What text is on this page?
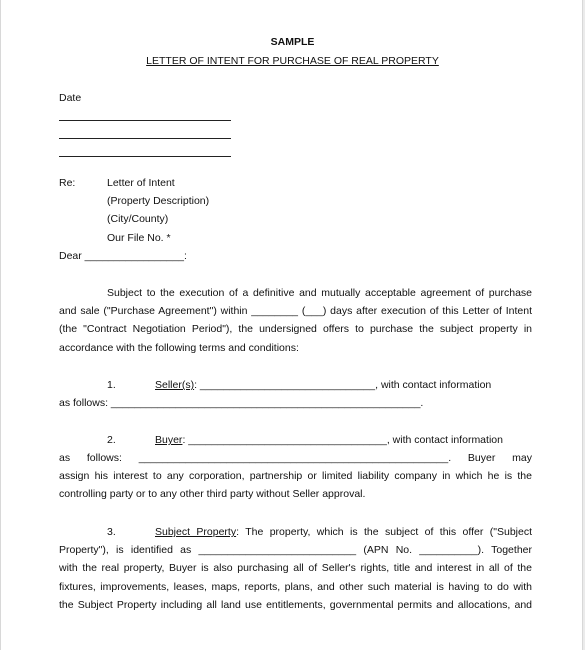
SAMPLE
LETTER OF INTENT FOR PURCHASE OF REAL PROPERTY
Date
Re:	Letter of Intent
(Property Description)
(City/County)
Our File No. *
Dear _________________:
Subject to the execution of a definitive and mutually acceptable agreement of purchase
and sale ("Purchase Agreement") within ________ (___) days after execution of this Letter of Intent
(the "Contract Negotiation Period"), the undersigned offers to purchase the subject property in
accordance with the following terms and conditions:
1.	Seller(s): ______________________________, with contact information
as follows: _____________________________________________________.
2.	Buyer: __________________________________, with contact information
as follows: _____________________________________________________. Buyer may
assign his interest to any corporation, partnership or limited liability company in which he is the
controlling party or to any other third party without Seller approval.
3.	Subject Property: The property, which is the subject of this offer ("Subject
Property"), is identified as ___________________________ (APN No. __________). Together
with the real property, Buyer is also purchasing all of Seller's rights, title and interest in all of the
fixtures, improvements, leases, maps, reports, plans, and other such material is having to do with
the Subject Property including all land use entitlements, governmental permits and allocations, and
